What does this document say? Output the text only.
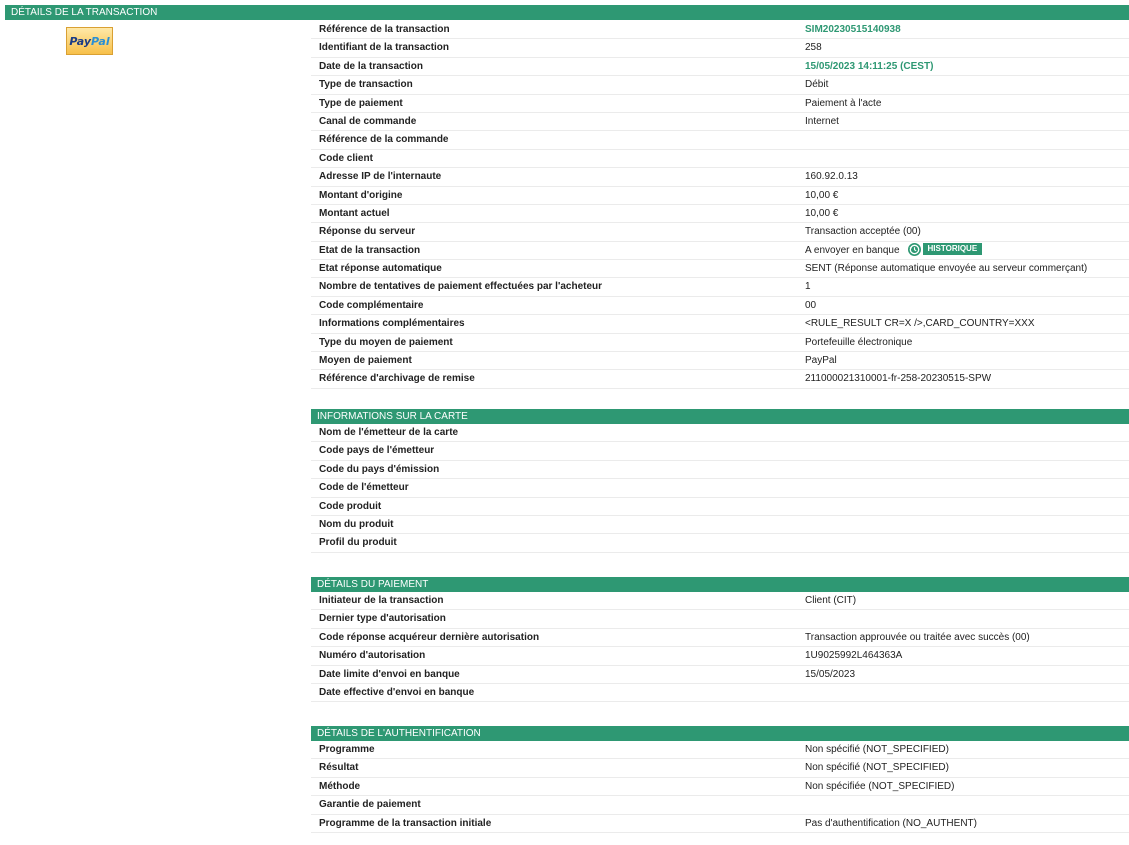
DÉTAILS DE LA TRANSACTION
Pay Pal
Référence de la transaction	SIM20230515140938
Identifiant de la transaction	258
Date de la transaction	15/05/2023 14:11:25 (CEST)
Type de transaction	Débit
Type de paiement	Paiement à l'acte
Canal de commande	Internet
Référence de la commande
Code client
Adresse IP de l'internaute	160.92.0.13
Montant d'origine	10,00 €
Montant actuel	10,00 €
Réponse du serveur	Transaction acceptée (00)
Etat de la transaction	A envoyer en banque	HISTORIQUE
Etat réponse automatique	SENT (Réponse automatique envoyée au serveur commerçant)
Nombre de tentatives de paiement effectuées par l'acheteur	1
Code complémentaire	00
Informations complémentaires	<RULE_RESULT CR=X />,CARD_COUNTRY=XXX
Type du moyen de paiement	Portefeuille électronique
Moyen de paiement	PayPal
Référence d'archivage de remise	211000021310001-fr-258-20230515-SPW
INFORMATIONS SUR LA CARTE
Nom de l'émetteur de la carte
Code pays de l'émetteur
Code du pays d'émission
Code de l'émetteur
Code produit
Nom du produit
Profil du produit
DÉTAILS DU PAIEMENT
Initiateur de la transaction	Client (CIT)
Dernier type d'autorisation
Code réponse acquéreur dernière autorisation	Transaction approuvée ou traitée avec succès (00)
Numéro d'autorisation	1U9025992L464363A
Date limite d'envoi en banque	15/05/2023
Date effective d'envoi en banque
DÉTAILS DE L'AUTHENTIFICATION
Programme	Non spécifié (NOT_SPECIFIED)
Résultat	Non spécifié (NOT_SPECIFIED)
Méthode	Non spécifiée (NOT_SPECIFIED)
Garantie de paiement
Programme de la transaction initiale	Pas d'authentification (NO_AUTHENT)
